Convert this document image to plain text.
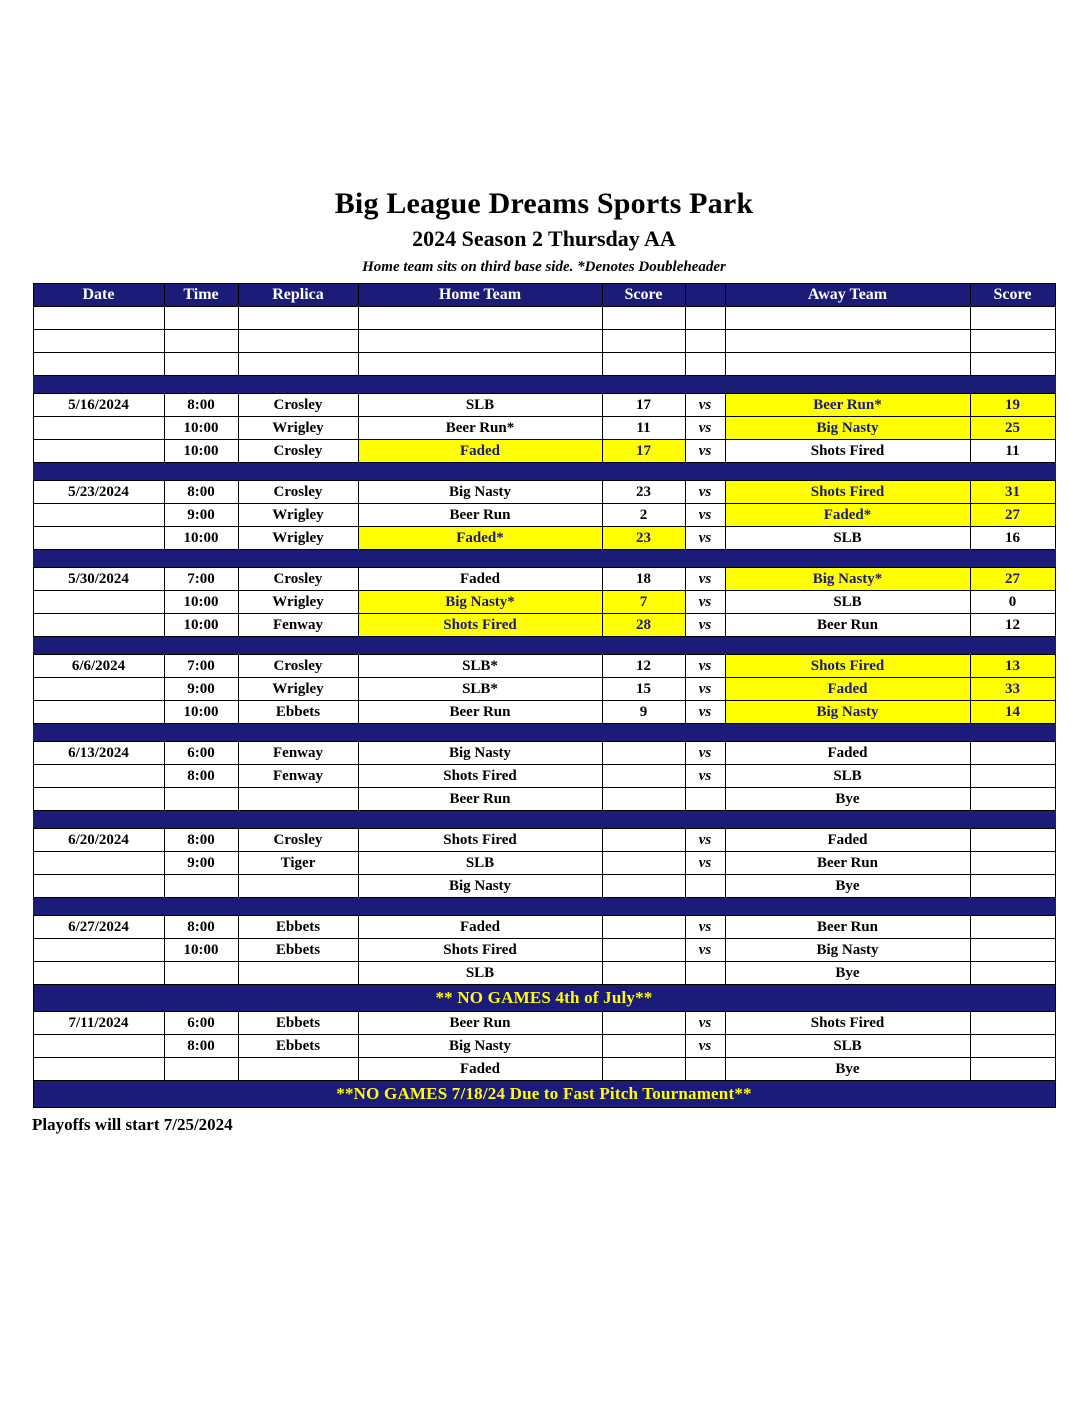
Big League Dreams Sports Park
2024 Season 2 Thursday AA
Home team sits on third base side. *Denotes Doubleheader
Date	Time	Replica	Home Team	Score		Away Team	Score

5/16/2024	8:00	Crosley	SLB	17	vs	Beer Run*	19
	10:00	Wrigley	Beer Run*	11	vs	Big Nasty	25
	10:00	Crosley	Faded	17	vs	Shots Fired	11

5/23/2024	8:00	Crosley	Big Nasty	23	vs	Shots Fired	31
	9:00	Wrigley	Beer Run	2	vs	Faded*	27
	10:00	Wrigley	Faded*	23	vs	SLB	16

5/30/2024	7:00	Crosley	Faded	18	vs	Big Nasty*	27
	10:00	Wrigley	Big Nasty*	7	vs	SLB	0
	10:00	Fenway	Shots Fired	28	vs	Beer Run	12

6/6/2024	7:00	Crosley	SLB*	12	vs	Shots Fired	13
	9:00	Wrigley	SLB*	15	vs	Faded	33
	10:00	Ebbets	Beer Run	9	vs	Big Nasty	14

6/13/2024	6:00	Fenway	Big Nasty		vs	Faded	
	8:00	Fenway	Shots Fired		vs	SLB	
			Beer Run			Bye	

6/20/2024	8:00	Crosley	Shots Fired		vs	Faded	
	9:00	Tiger	SLB		vs	Beer Run	
			Big Nasty			Bye	

6/27/2024	8:00	Ebbets	Faded		vs	Beer Run	
	10:00	Ebbets	Shots Fired		vs	Big Nasty	
			SLB			Bye	
** NO GAMES 4th of July**							
7/11/2024	6:00	Ebbets	Beer Run		vs	Shots Fired	
	8:00	Ebbets	Big Nasty		vs	SLB	
			Faded			Bye	
**NO GAMES 7/18/24 Due to Fast Pitch Tournament**							
Playoffs will start 7/25/2024
